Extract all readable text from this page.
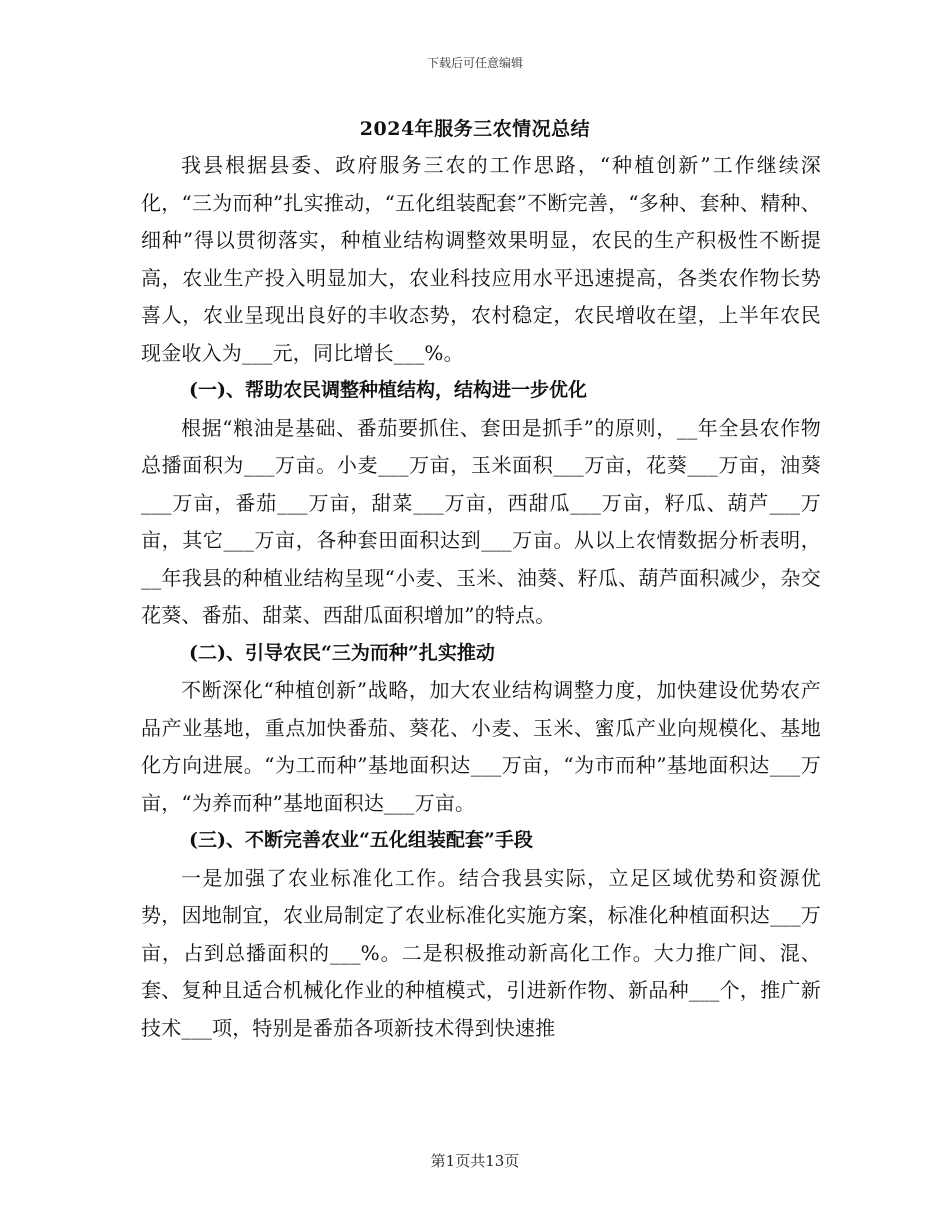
下载后可任意编辑
2024年服务三农情况总结

我县根据县委、政府服务三农的工作思路，“种植创新”工作继续深化，“三为而种”扎实推动，“五化组装配套”不断完善，“多种、套种、精种、细种”得以贯彻落实，种植业结构调整效果明显，农民的生产积极性不断提高，农业生产投入明显加大，农业科技应用水平迅速提高，各类农作物长势喜人，农业呈现出良好的丰收态势，农村稳定，农民增收在望，上半年农民现金收入为___元，同比增长___%。

(一)、帮助农民调整种植结构，结构进一步优化

根据“粮油是基础、番茄要抓住、套田是抓手”的原则，__年全县农作物总播面积为___万亩。小麦___万亩，玉米面积___万亩，花葵___万亩，油葵___万亩，番茄___万亩，甜菜___万亩，西甜瓜___万亩，籽瓜、葫芦___万亩，其它___万亩，各种套田面积达到___万亩。从以上农情数据分析表明，__年我县的种植业结构呈现“小麦、玉米、油葵、籽瓜、葫芦面积减少，杂交花葵、番茄、甜菜、西甜瓜面积增加”的特点。

(二)、引导农民“三为而种”扎实推动

不断深化“种植创新”战略，加大农业结构调整力度，加快建设优势农产品产业基地，重点加快番茄、葵花、小麦、玉米、蜜瓜产业向规模化、基地化方向进展。“为工而种”基地面积达___万亩，“为市而种”基地面积达___万亩，“为养而种”基地面积达___万亩。

(三)、不断完善农业“五化组装配套”手段

一是加强了农业标准化工作。结合我县实际，立足区域优势和资源优势，因地制宜，农业局制定了农业标准化实施方案，标准化种植面积达___万亩，占到总播面积的___%。二是积极推动新高化工作。大力推广间、混、套、复种且适合机械化作业的种植模式，引进新作物、新品种___个，推广新技术___项，特别是番茄各项新技术得到快速推

第1页共13页
